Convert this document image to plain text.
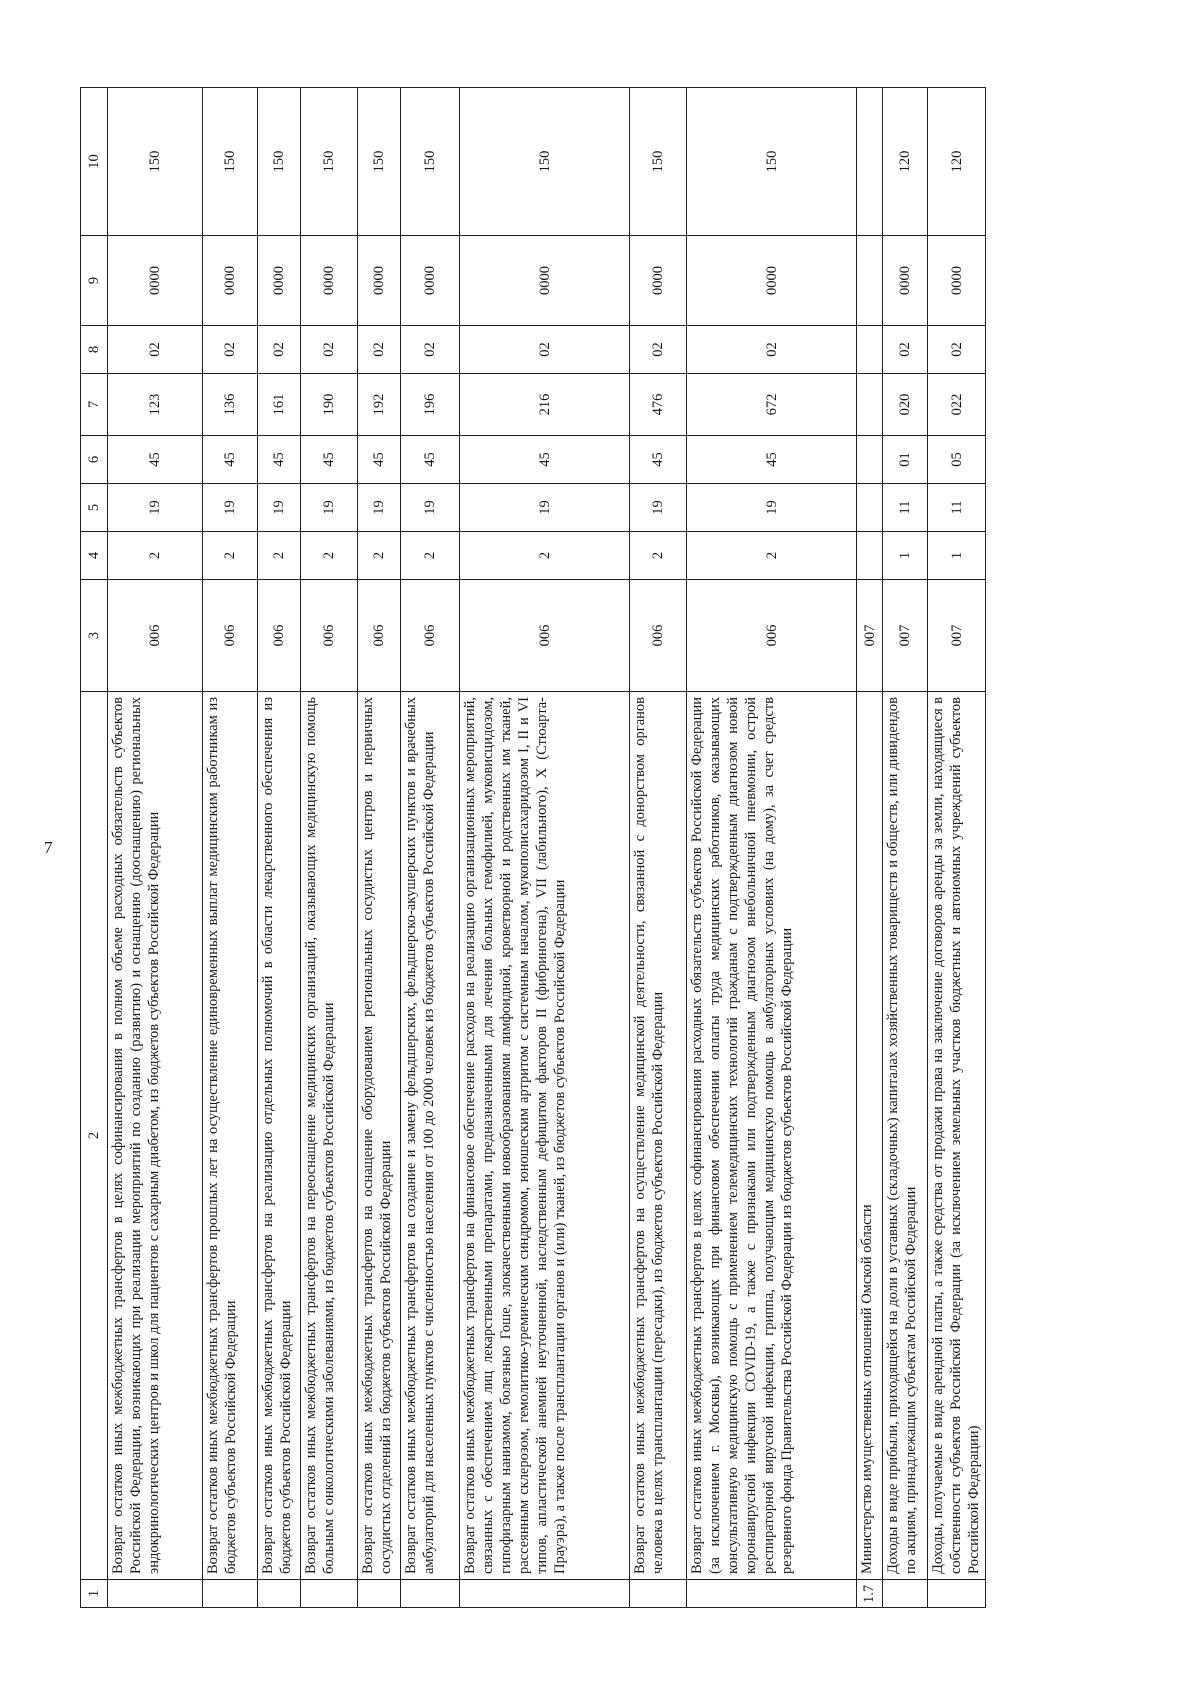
7
1	2	3	4	5	6	7	8	9	10
	Возврат остатков иных межбюджетных трансфертов в целях софинансирования в полном объеме расходных обязательств субъектов Российской Федерации, возникающих при реализации мероприятий по созданию (развитию) и оснащению (дооснащению) региональных эндокринологических центров и школ для пациентов с сахарным диабетом, из бюджетов субъектов Российской Федерации	006	2	19	45	123	02	0000	150
	Возврат остатков иных межбюджетных трансфертов прошлых лет на осуществление единовременных выплат медицинским работникам из бюджетов субъектов Российской Федерации	006	2	19	45	136	02	0000	150
	Возврат остатков иных межбюджетных трансфертов на реализацию отдельных полномочий в области лекарственного обеспечения из бюджетов субъектов Российской Федерации	006	2	19	45	161	02	0000	150
	Возврат остатков иных межбюджетных трансфертов на переоснащение медицинских организаций, оказывающих медицинскую помощь больным с онкологическими заболеваниями, из бюджетов субъектов Российской Федерации	006	2	19	45	190	02	0000	150
	Возврат остатков иных межбюджетных трансфертов на оснащение оборудованием региональных сосудистых центров и первичных сосудистых отделений из бюджетов субъектов Российской Федерации	006	2	19	45	192	02	0000	150
	Возврат остатков иных межбюджетных трансфертов на создание и замену фельдшерских, фельдшерско-акушерских пунктов и врачебных амбулаторий для населенных пунктов с численностью населения от 100 до 2000 человек из бюджетов субъектов Российской Федерации	006	2	19	45	196	02	0000	150
	Возврат остатков иных межбюджетных трансфертов на финансовое обеспечение расходов на реализацию организационных мероприятий, связанных с обеспечением лиц лекарственными препаратами, предназначенными для лечения больных гемофилией, муковисцидозом, гипофизарным нанизмом, болезнью Гоше, злокачественными новообразованиями лимфоидной, кроветворной и родственных им тканей, рассеянным склерозом, гемолитико-уремическим синдромом, юношеским артритом с системным началом, мукополисахаридозом I, II и VI типов, апластической анемией неуточненной, наследственным дефицитом факторов II (фибриногена), VII (лабильного), X (Стюарта-Прауэра), а также после трансплантации органов и (или) тканей, из бюджетов субъектов Российской Федерации	006	2	19	45	216	02	0000	150
	Возврат остатков иных межбюджетных трансфертов на осуществление медицинской деятельности, связанной с донорством органов человека в целях трансплантации (пересадки), из бюджетов субъектов Российской Федерации	006	2	19	45	476	02	0000	150
	Возврат остатков иных межбюджетных трансфертов в целях софинансирования расходных обязательств субъектов Российской Федерации (за исключением г. Москвы), возникающих при финансовом обеспечении оплаты труда медицинских работников, оказывающих консультативную медицинскую помощь с применением телемедицинских технологий гражданам с подтвержденным диагнозом новой коронавирусной инфекции COVID-19, а также с признаками или подтвержденным диагнозом внебольничной пневмонии, острой респираторной вирусной инфекции, гриппа, получающим медицинскую помощь в амбулаторных условиях (на дому), за счет средств резервного фонда Правительства Российской Федерации из бюджетов субъектов Российской Федерации	006	2	19	45	672	02	0000	150
1.7	Министерство имущественных отношений Омской области	007							
	Доходы в виде прибыли, приходящейся на доли в уставных (складочных) капиталах хозяйственных товариществ и обществ, или дивидендов по акциям, принадлежащим субъектам Российской Федерации	007	1	11	01	020	02	0000	120
	Доходы, получаемые в виде арендной платы, а также средства от продажи права на заключение договоров аренды за земли, находящиеся в собственности субъектов Российской Федерации (за исключением земельных участков бюджетных и автономных учреждений субъектов Российской Федерации)	007	1	11	05	022	02	0000	120
